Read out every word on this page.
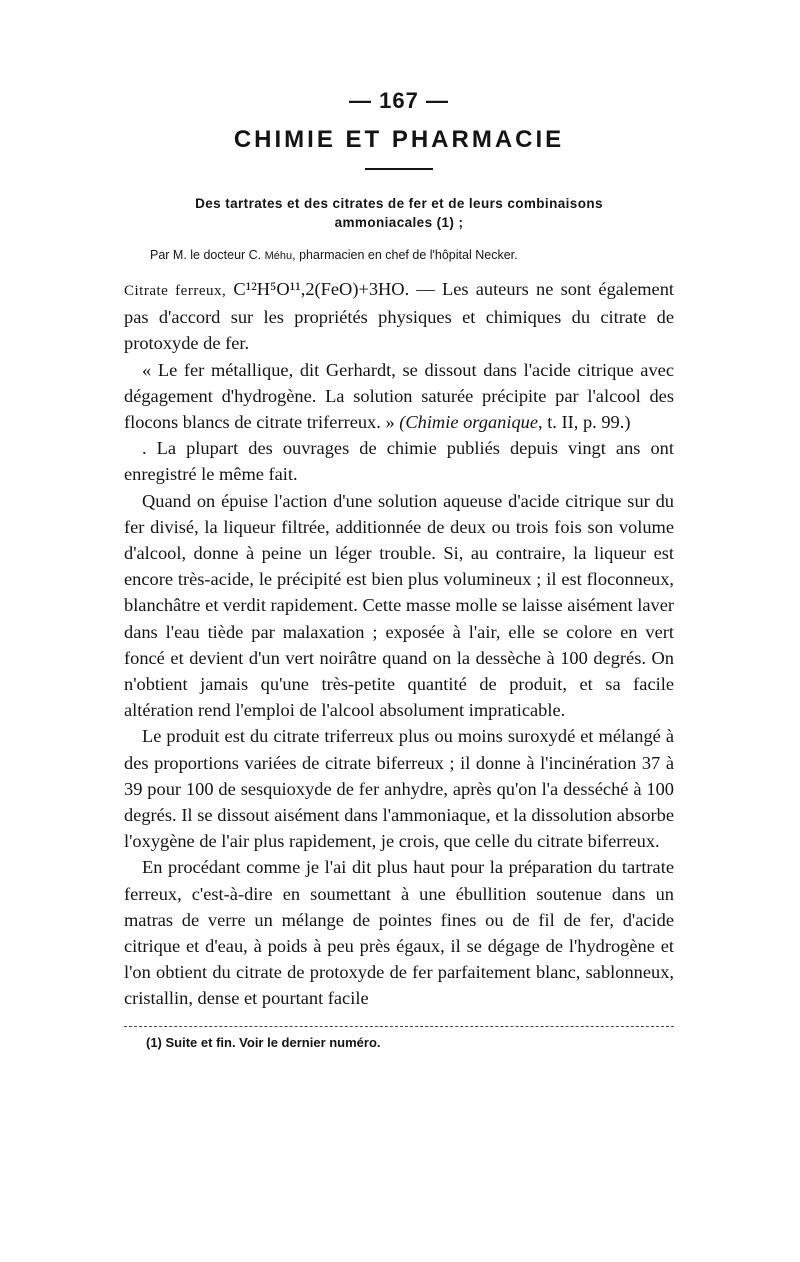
— 167 —
CHIMIE ET PHARMACIE
Des tartrates et des citrates de fer et de leurs combinaisons
ammoniacales (1) ;
Par M. le docteur C. Méhu, pharmacien en chef de l'hôpital Necker.

Citrate ferreux, C¹²H⁵O¹¹,2(FeO)+3HO. — Les auteurs ne sont également pas d'accord sur les propriétés physiques et chimiques du citrate de protoxyde de fer.

« Le fer métallique, dit Gerhardt, se dissout dans l'acide citrique avec dégagement d'hydrogène. La solution saturée précipite par l'alcool des flocons blancs de citrate triferreux. » (Chimie organique, t. II, p. 99.)

. La plupart des ouvrages de chimie publiés depuis vingt ans ont enregistré le même fait.

Quand on épuise l'action d'une solution aqueuse d'acide citrique sur du fer divisé, la liqueur filtrée, additionnée de deux ou trois fois son volume d'alcool, donne à peine un léger trouble. Si, au contraire, la liqueur est encore très-acide, le précipité est bien plus volumineux ; il est floconneux, blanchâtre et verdit rapidement. Cette masse molle se laisse aisément laver dans l'eau tiède par malaxation ; exposée à l'air, elle se colore en vert foncé et devient d'un vert noirâtre quand on la dessèche à 100 degrés. On n'obtient jamais qu'une très-petite quantité de produit, et sa facile altération rend l'emploi de l'alcool absolument impraticable.

Le produit est du citrate triferreux plus ou moins suroxydé et mélangé à des proportions variées de citrate biferreux ; il donne à l'incinération 37 à 39 pour 100 de sesquioxyde de fer anhydre, après qu'on l'a desséché à 100 degrés. Il se dissout aisément dans l'ammoniaque, et la dissolution absorbe l'oxygène de l'air plus rapidement, je crois, que celle du citrate biferreux.

En procédant comme je l'ai dit plus haut pour la préparation du tartrate ferreux, c'est-à-dire en soumettant à une ébullition soutenue dans un matras de verre un mélange de pointes fines ou de fil de fer, d'acide citrique et d'eau, à poids à peu près égaux, il se dégage de l'hydrogène et l'on obtient du citrate de protoxyde de fer parfaitement blanc, sablonneux, cristallin, dense et pourtant facile

(1) Suite et fin. Voir le dernier numéro.
